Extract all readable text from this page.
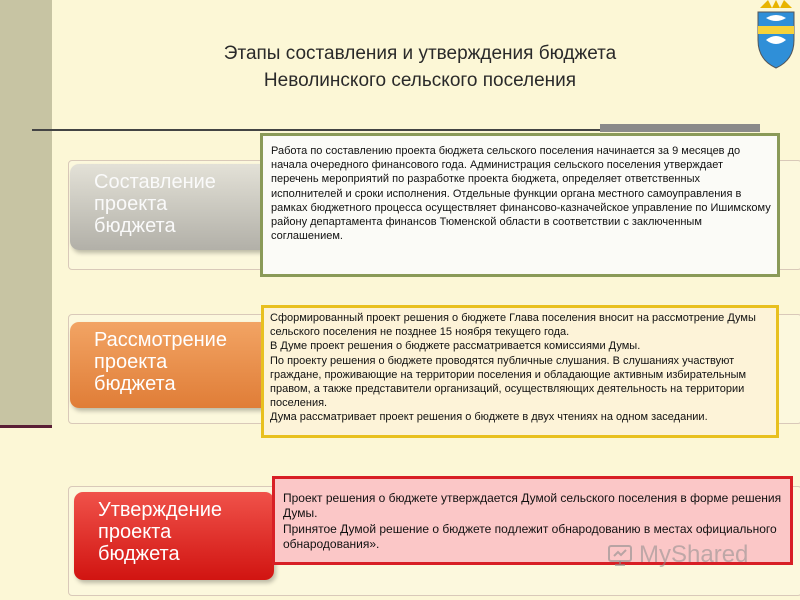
Этапы составления и утверждения бюджета
Неволинского сельского поселения
Составление
проекта
бюджета
Рассмотрение
проекта
бюджета
Утверждение
проекта
бюджета

Работа по составлению проекта бюджета сельского поселения начинается за 9 месяцев до начала очередного финансового года. Администрация сельского поселения утверждает перечень мероприятий по разработке проекта бюджета, определяет ответственных исполнителей и сроки исполнения. Отдельные функции органа местного самоуправления в рамках бюджетного процесса осуществляет финансово-казначейское управление по Ишимскому району департамента финансов Тюменской области в соответствии с заключенным соглашением.

Сформированный проект решения о бюджете Глава поселения вносит на рассмотрение Думы сельского поселения не позднее 15 ноября текущего года.

В Думе проект решения о бюджете рассматривается комиссиями Думы.

По проекту решения о бюджете проводятся публичные слушания. В слушаниях участвуют граждане, проживающие на территории поселения и обладающие активным избирательным правом, а также представители организаций, осуществляющих деятельность на территории поселения.

Дума рассматривает проект решения о бюджете в двух чтениях на одном заседании.

Проект решения о бюджете утверждается Думой сельского поселения в форме решения Думы.

Принятое Думой решение о бюджете подлежит обнародованию в местах официального обнародования».	MyShared
